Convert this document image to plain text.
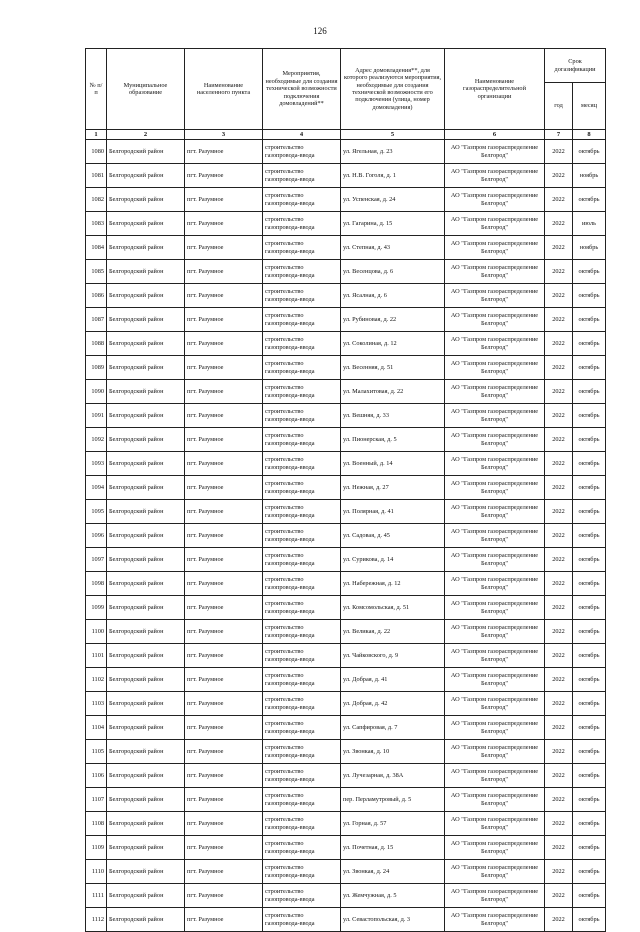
126
№ п/п	Муниципальное образование	Наименование населенного пункта	Мероприятия, необходимые для создания технической возможности подключения домовладений**	Адрес домовладения**, для которого реализуются мероприятия, необходимые для создания технической возможности его подключения (улица, номер домовладения)	Наименование газораспределительной организации	Срок догазификации	
						год	месяц
1	2	3	4	5	6	7	8
1080	Белгородский район	пгт. Разумное	строительство газопровода-ввода	ул. Ягельная, д. 23	АО "Газпром газораспределение Белгород"	2022	октябрь
1081	Белгородский район	пгт. Разумное	строительство газопровода-ввода	ул. Н.В. Гоголя, д. 1	АО "Газпром газораспределение Белгород"	2022	ноябрь
1082	Белгородский район	пгт. Разумное	строительство газопровода-ввода	ул. Успенская, д. 24	АО "Газпром газораспределение Белгород"	2022	октябрь
1083	Белгородский район	пгт. Разумное	строительство газопровода-ввода	ул. Гагарина, д. 15	АО "Газпром газораспределение Белгород"	2022	июль
1084	Белгородский район	пгт. Разумное	строительство газопровода-ввода	ул. Степная, д. 43	АО "Газпром газораспределение Белгород"	2022	ноябрь
1085	Белгородский район	пгт. Разумное	строительство газопровода-ввода	ул. Весенцова, д. 6	АО "Газпром газораспределение Белгород"	2022	октябрь
1086	Белгородский район	пгт. Разумное	строительство газопровода-ввода	ул. Ясалная, д. 6	АО "Газпром газораспределение Белгород"	2022	октябрь
1087	Белгородский район	пгт. Разумное	строительство газопровода-ввода	ул. Рубиновая, д. 22	АО "Газпром газораспределение Белгород"	2022	октябрь
1088	Белгородский район	пгт. Разумное	строительство газопровода-ввода	ул. Соколиная, д. 12	АО "Газпром газораспределение Белгород"	2022	октябрь
1089	Белгородский район	пгт. Разумное	строительство газопровода-ввода	ул. Весенняя, д. 51	АО "Газпром газораспределение Белгород"	2022	октябрь
1090	Белгородский район	пгт. Разумное	строительство газопровода-ввода	ул. Малахитовая, д. 22	АО "Газпром газораспределение Белгород"	2022	октябрь
1091	Белгородский район	пгт. Разумное	строительство газопровода-ввода	ул. Вешняя, д. 33	АО "Газпром газораспределение Белгород"	2022	октябрь
1092	Белгородский район	пгт. Разумное	строительство газопровода-ввода	ул. Пионерская, д. 5	АО "Газпром газораспределение Белгород"	2022	октябрь
1093	Белгородский район	пгт. Разумное	строительство газопровода-ввода	ул. Военный, д. 14	АО "Газпром газораспределение Белгород"	2022	октябрь
1094	Белгородский район	пгт. Разумное	строительство газопровода-ввода	ул. Нежная, д. 27	АО "Газпром газораспределение Белгород"	2022	октябрь
1095	Белгородский район	пгт. Разумное	строительство газопровода-ввода	ул. Полярная, д. 41	АО "Газпром газораспределение Белгород"	2022	октябрь
1096	Белгородский район	пгт. Разумное	строительство газопровода-ввода	ул. Садовая, д. 45	АО "Газпром газораспределение Белгород"	2022	октябрь
1097	Белгородский район	пгт. Разумное	строительство газопровода-ввода	ул. Сурикова, д. 14	АО "Газпром газораспределение Белгород"	2022	октябрь
1098	Белгородский район	пгт. Разумное	строительство газопровода-ввода	ул. Набережная, д. 12	АО "Газпром газораспределение Белгород"	2022	октябрь
1099	Белгородский район	пгт. Разумное	строительство газопровода-ввода	ул. Комсомольская, д. 51	АО "Газпром газораспределение Белгород"	2022	октябрь
1100	Белгородский район	пгт. Разумное	строительство газопровода-ввода	ул. Великая, д. 22	АО "Газпром газораспределение Белгород"	2022	октябрь
1101	Белгородский район	пгт. Разумное	строительство газопровода-ввода	ул. Чайковского, д. 9	АО "Газпром газораспределение Белгород"	2022	октябрь
1102	Белгородский район	пгт. Разумное	строительство газопровода-ввода	ул. Добрая, д. 41	АО "Газпром газораспределение Белгород"	2022	октябрь
1103	Белгородский район	пгт. Разумное	строительство газопровода-ввода	ул. Добрая, д. 42	АО "Газпром газораспределение Белгород"	2022	октябрь
1104	Белгородский район	пгт. Разумное	строительство газопровода-ввода	ул. Сапфировая, д. 7	АО "Газпром газораспределение Белгород"	2022	октябрь
1105	Белгородский район	пгт. Разумное	строительство газопровода-ввода	ул. Звонкая, д. 10	АО "Газпром газораспределение Белгород"	2022	октябрь
1106	Белгородский район	пгт. Разумное	строительство газопровода-ввода	ул. Лучезарная, д. 38А	АО "Газпром газораспределение Белгород"	2022	октябрь
1107	Белгородский район	пгт. Разумное	строительство газопровода-ввода	пер. Перламутровый, д. 5	АО "Газпром газораспределение Белгород"	2022	октябрь
1108	Белгородский район	пгт. Разумное	строительство газопровода-ввода	ул. Горная, д. 57	АО "Газпром газораспределение Белгород"	2022	октябрь
1109	Белгородский район	пгт. Разумное	строительство газопровода-ввода	ул. Почетная, д. 15	АО "Газпром газораспределение Белгород"	2022	октябрь
1110	Белгородский район	пгт. Разумное	строительство газопровода-ввода	ул. Звонкая, д. 24	АО "Газпром газораспределение Белгород"	2022	октябрь
1111	Белгородский район	пгт. Разумное	строительство газопровода-ввода	ул. Жемчужная, д. 5	АО "Газпром газораспределение Белгород"	2022	октябрь
1112	Белгородский район	пгт. Разумное	строительство газопровода-ввода	ул. Севастопольская, д. 3	АО "Газпром газораспределение Белгород"	2022	октябрь
